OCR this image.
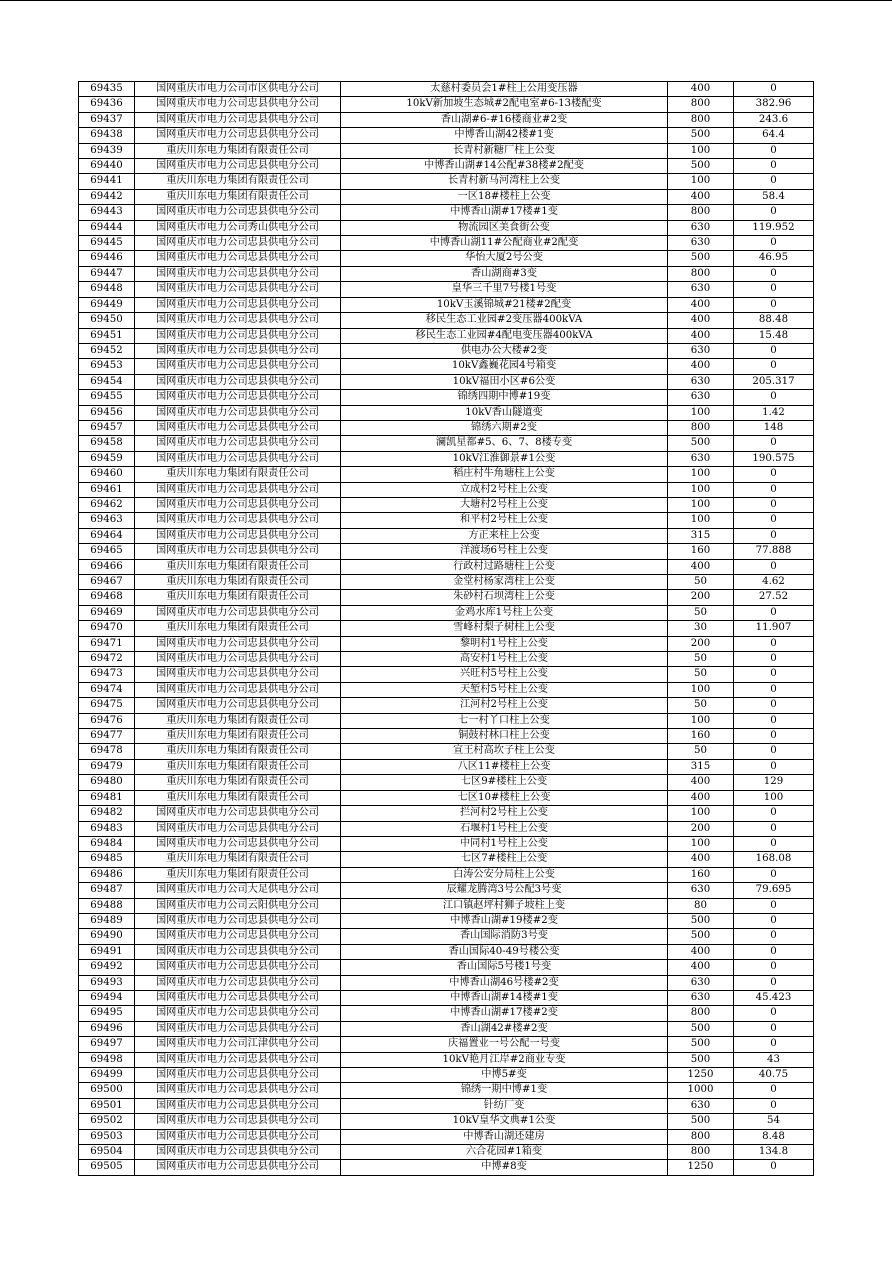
69435	国网重庆市电力公司市区供电分公司	太慈村委员会1#柱上公用变压器	400	0
69436	国网重庆市电力公司忠县供电分公司	10kV新加坡生态城#2配电室#6-13楼配变	800	382.96
69437	国网重庆市电力公司忠县供电分公司	香山湖#6-#16楼商业#2变	800	243.6
69438	国网重庆市电力公司忠县供电分公司	中博香山湖42楼#1变	500	64.4
69439	重庆川东电力集团有限责任公司	长青村新糖厂柱上公变	100	0
69440	国网重庆市电力公司忠县供电分公司	中博香山湖#14公配#38楼#2配变	500	0
69441	重庆川东电力集团有限责任公司	长青村新马河湾柱上公变	100	0
69442	重庆川东电力集团有限责任公司	一区18#楼柱上公变	400	58.4
69443	国网重庆市电力公司忠县供电分公司	中博香山湖#17楼#1变	800	0
69444	国网重庆市电力公司秀山供电分公司	物流园区美食街公变	630	119.952
69445	国网重庆市电力公司忠县供电分公司	中博香山湖11#公配商业#2配变	630	0
69446	国网重庆市电力公司忠县供电分公司	华怡大厦2号公变	500	46.95
69447	国网重庆市电力公司忠县供电分公司	香山湖商#3变	800	0
69448	国网重庆市电力公司忠县供电分公司	皇华三千里7号楼1号变	630	0
69449	国网重庆市电力公司忠县供电分公司	10kV玉溪锦城#21楼#2配变	400	0
69450	国网重庆市电力公司忠县供电分公司	移民生态工业园#2变压器400kVA	400	88.48
69451	国网重庆市电力公司忠县供电分公司	移民生态工业园#4配电变压器400kVA	400	15.48
69452	国网重庆市电力公司忠县供电分公司	供电办公大楼#2变	630	0
69453	国网重庆市电力公司忠县供电分公司	10kV鑫巍花园4号箱变	400	0
69454	国网重庆市电力公司忠县供电分公司	10kV福田小区#6公变	630	205.317
69455	国网重庆市电力公司忠县供电分公司	锦绣四期中博#19变	630	0
69456	国网重庆市电力公司忠县供电分公司	10kV香山隧道变	100	1.42
69457	国网重庆市电力公司忠县供电分公司	锦绣六期#2变	800	148
69458	国网重庆市电力公司忠县供电分公司	澜凯星都#5、6、7、8楼专变	500	0
69459	国网重庆市电力公司忠县供电分公司	10kV江淮御景#1公变	630	190.575
69460	重庆川东电力集团有限责任公司	稻庄村牛角塘柱上公变	100	0
69461	国网重庆市电力公司忠县供电分公司	立成村2号柱上公变	100	0
69462	国网重庆市电力公司忠县供电分公司	大塘村2号柱上公变	100	0
69463	国网重庆市电力公司忠县供电分公司	和平村2号柱上公变	100	0
69464	国网重庆市电力公司忠县供电分公司	方正来柱上公变	315	0
69465	国网重庆市电力公司忠县供电分公司	洋渡场6号柱上公变	160	77.888
69466	重庆川东电力集团有限责任公司	行政村过路塘柱上公变	400	0
69467	重庆川东电力集团有限责任公司	金堂村杨家湾柱上公变	50	4.62
69468	重庆川东电力集团有限责任公司	朱砂村石坝湾柱上公变	200	27.52
69469	国网重庆市电力公司忠县供电分公司	金鸡水库1号柱上公变	50	0
69470	重庆川东电力集团有限责任公司	雪峰村梨子树柱上公变	30	11.907
69471	国网重庆市电力公司忠县供电分公司	黎明村1号柱上公变	200	0
69472	国网重庆市电力公司忠县供电分公司	高安村1号柱上公变	50	0
69473	国网重庆市电力公司忠县供电分公司	兴旺村5号柱上公变	50	0
69474	国网重庆市电力公司忠县供电分公司	天堑村5号柱上公变	100	0
69475	国网重庆市电力公司忠县供电分公司	江河村2号柱上公变	50	0
69476	重庆川东电力集团有限责任公司	七一村丫口柱上公变	100	0
69477	重庆川东电力集团有限责任公司	铜鼓村林口柱上公变	160	0
69478	重庆川东电力集团有限责任公司	宣王村高坎子柱上公变	50	0
69479	重庆川东电力集团有限责任公司	八区11#楼柱上公变	315	0
69480	重庆川东电力集团有限责任公司	七区9#楼柱上公变	400	129
69481	重庆川东电力集团有限责任公司	七区10#楼柱上公变	400	100
69482	国网重庆市电力公司忠县供电分公司	拦河村2号柱上公变	100	0
69483	国网重庆市电力公司忠县供电分公司	石堰村1号柱上公变	200	0
69484	国网重庆市电力公司忠县供电分公司	中同村1号柱上公变	100	0
69485	重庆川东电力集团有限责任公司	七区7#楼柱上公变	400	168.08
69486	重庆川东电力集团有限责任公司	白涛公安分局柱上公变	160	0
69487	国网重庆市电力公司大足供电分公司	辰耀龙腾湾3号公配3号变	630	79.695
69488	国网重庆市电力公司云阳供电分公司	江口镇赵坪村狮子坡柱上变	80	0
69489	国网重庆市电力公司忠县供电分公司	中博香山湖#19楼#2变	500	0
69490	国网重庆市电力公司忠县供电分公司	香山国际消防3号变	500	0
69491	国网重庆市电力公司忠县供电分公司	香山国际40-49号楼公变	400	0
69492	国网重庆市电力公司忠县供电分公司	香山国际5号楼1号变	400	0
69493	国网重庆市电力公司忠县供电分公司	中博香山湖46号楼#2变	630	0
69494	国网重庆市电力公司忠县供电分公司	中博香山湖#14楼#1变	630	45.423
69495	国网重庆市电力公司忠县供电分公司	中博香山湖#17楼#2变	800	0
69496	国网重庆市电力公司忠县供电分公司	香山湖42#楼#2变	500	0
69497	国网重庆市电力公司江津供电分公司	庆福置业一号公配一号变	500	0
69498	国网重庆市电力公司忠县供电分公司	10kV艳月江岸#2商业专变	500	43
69499	国网重庆市电力公司忠县供电分公司	中博5#变	1250	40.75
69500	国网重庆市电力公司忠县供电分公司	锦绣一期中博#1变	1000	0
69501	国网重庆市电力公司忠县供电分公司	针纺厂变	630	0
69502	国网重庆市电力公司忠县供电分公司	10kV皇华文典#1公变	500	54
69503	国网重庆市电力公司忠县供电分公司	中博香山湖还建房	800	8.48
69504	国网重庆市电力公司忠县供电分公司	六合花园#1箱变	800	134.8
69505	国网重庆市电力公司忠县供电分公司	中博#8变	1250	0
